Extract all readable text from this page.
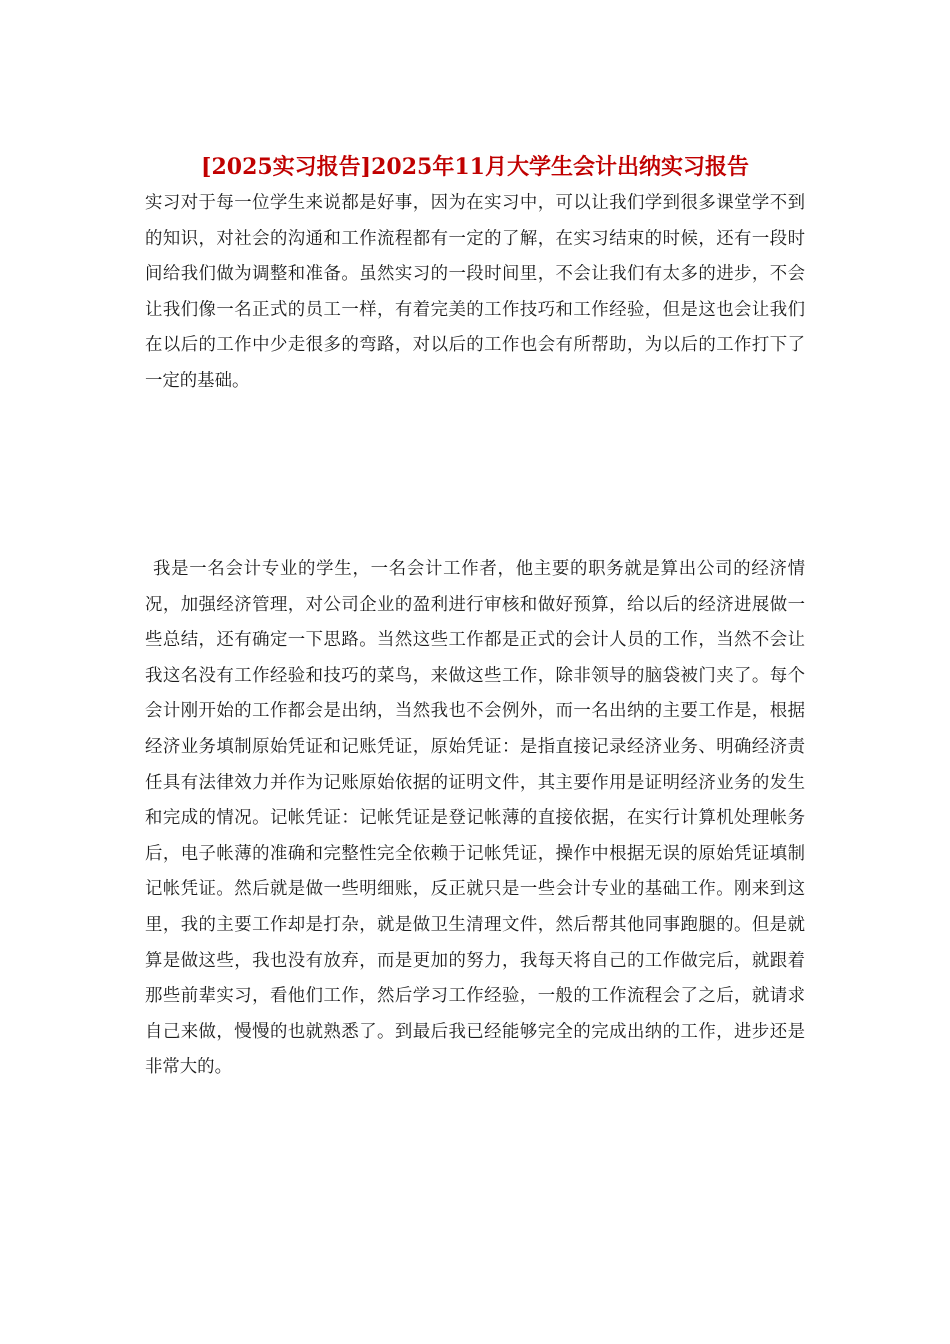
[2025实习报告]2025年11月大学生会计出纳实习报告

实习对于每一位学生来说都是好事，因为在实习中，可以让我们学到很多课堂学不到的知识，对社会的沟通和工作流程都有一定的了解，在实习结束的时候，还有一段时间给我们做为调整和准备。虽然实习的一段时间里，不会让我们有太多的进步，不会让我们像一名正式的员工一样，有着完美的工作技巧和工作经验，但是这也会让我们在以后的工作中少走很多的弯路，对以后的工作也会有所帮助，为以后的工作打下了一定的基础。

我是一名会计专业的学生，一名会计工作者，他主要的职务就是算出公司的经济情况，加强经济管理，对公司企业的盈利进行审核和做好预算，给以后的经济进展做一些总结，还有确定一下思路。当然这些工作都是正式的会计人员的工作，当然不会让我这名没有工作经验和技巧的菜鸟，来做这些工作，除非领导的脑袋被门夹了。每个会计刚开始的工作都会是出纳，当然我也不会例外，而一名出纳的主要工作是，根据经济业务填制原始凭证和记账凭证，原始凭证：是指直接记录经济业务、明确经济责任具有法律效力并作为记账原始依据的证明文件，其主要作用是证明经济业务的发生和完成的情况。记帐凭证：记帐凭证是登记帐薄的直接依据，在实行计算机处理帐务后，电子帐薄的准确和完整性完全依赖于记帐凭证，操作中根据无误的原始凭证填制记帐凭证。然后就是做一些明细账，反正就只是一些会计专业的基础工作。刚来到这里，我的主要工作却是打杂，就是做卫生清理文件，然后帮其他同事跑腿的。但是就算是做这些，我也没有放弃，而是更加的努力，我每天将自己的工作做完后，就跟着那些前辈实习，看他们工作，然后学习工作经验，一般的工作流程会了之后，就请求自己来做，慢慢的也就熟悉了。到最后我已经能够完全的完成出纳的工作，进步还是非常大的。
